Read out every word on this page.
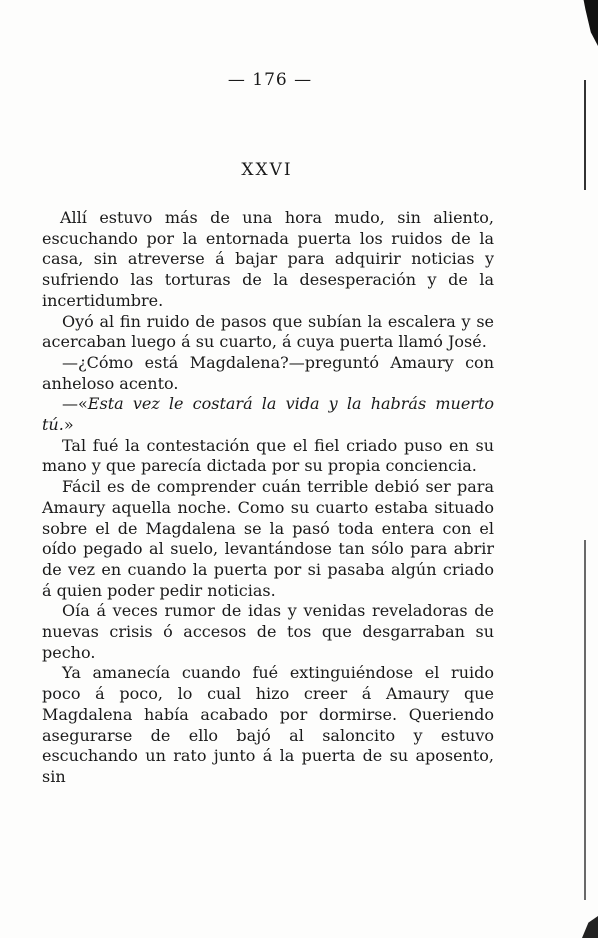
— 176 —
XXVI

Allí estuvo más de una hora mudo, sin aliento, escuchando por la entornada puerta los ruidos de la casa, sin atreverse á bajar para adquirir noticias y sufriendo las torturas de la desesperación y de la incertidumbre.

Oyó al fin ruido de pasos que subían la escalera y se acercaban luego á su cuarto, á cuya puerta llamó José.

—¿Cómo está Magdalena?—preguntó Amaury con anheloso acento.

—«Esta vez le costará la vida y la habrás muerto tú.»

Tal fué la contestación que el fiel criado puso en su mano y que parecía dictada por su propia conciencia.

Fácil es de comprender cuán terrible debió ser para Amaury aquella noche. Como su cuarto estaba situado sobre el de Magdalena se la pasó toda entera con el oído pegado al suelo, levantándose tan sólo para abrir de vez en cuando la puerta por si pasaba algún criado á quien poder pedir noticias.

Oía á veces rumor de idas y venidas reveladoras de nuevas crisis ó accesos de tos que desgarraban su pecho.

Ya amanecía cuando fué extinguiéndose el ruido poco á poco, lo cual hizo creer á Amaury que Magdalena había acabado por dormirse. Queriendo asegurarse de ello bajó al saloncito y estuvo escuchando un rato junto á la puerta de su aposento, sin
